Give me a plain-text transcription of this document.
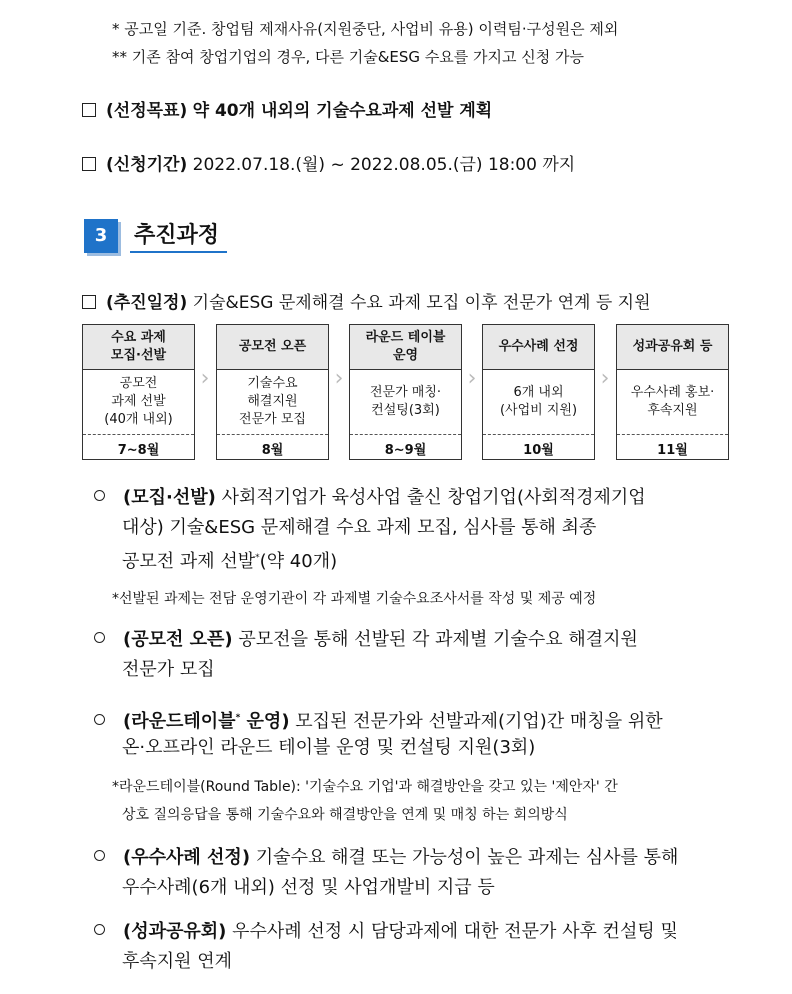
* 공고일 기준. 창업팀 제재사유(지원중단, 사업비 유용) 이력팀·구성원은 제외
** 기존 참여 창업기업의 경우, 다른 기술&ESG 수요를 가지고 신청 가능
(선정목표) 약 40개 내외의 기술수요과제 선발 계획
(신청기간) 2022.07.18.(월) ~ 2022.08.05.(금) 18:00 까지
3	추진과정
(추진일정) 기술&ESG 문제해결 수요 과제 모집 이후 전문가 연계 등 지원
수요 과제
모집·선발
공모전
과제 선발
(40개 내외)
7~8월
›
공모전 오픈
기술수요
해결지원
전문가 모집
8월
›
라운드 테이블
운영
전문가 매칭·
컨설팅(3회)
8~9월
›
우수사례 선정
6개 내외
(사업비 지원)
10월
›
성과공유회 등
우수사례 홍보·
후속지원
11월
(모집·선발) 사회적기업가 육성사업 출신 창업기업(사회적경제기업
대상) 기술&ESG 문제해결 수요 과제 모집, 심사를 통해 최종
공모전 과제 선발*(약 40개)
*선발된 과제는 전담 운영기관이 각 과제별 기술수요조사서를 작성 및 제공 예정
(공모전 오픈) 공모전을 통해 선발된 각 과제별 기술수요 해결지원
전문가 모집
(라운드테이블* 운영) 모집된 전문가와 선발과제(기업)간 매칭을 위한
온·오프라인 라운드 테이블 운영 및 컨설팅 지원(3회)
*라운드테이블(Round Table): '기술수요 기업'과 해결방안을 갖고 있는 '제안자' 간
상호 질의응답을 통해 기술수요와 해결방안을 연계 및 매칭 하는 회의방식
(우수사례 선정) 기술수요 해결 또는 가능성이 높은 과제는 심사를 통해
우수사례(6개 내외) 선정 및 사업개발비 지급 등
(성과공유회) 우수사례 선정 시 담당과제에 대한 전문가 사후 컨설팅 및
후속지원 연계
